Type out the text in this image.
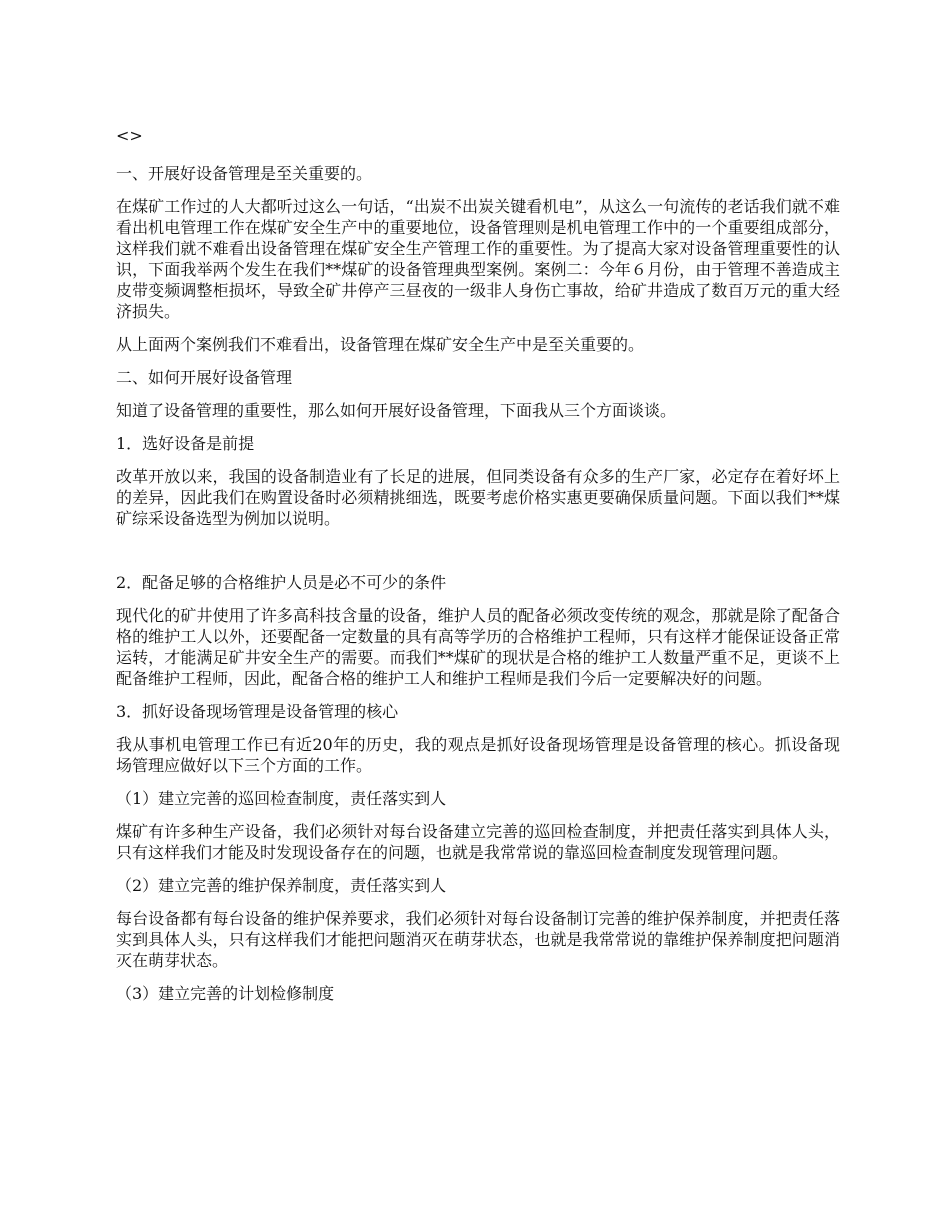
<>

一、开展好设备管理是至关重要的。

在煤矿工作过的人大都听过这么一句话，“出炭不出炭关键看机电”，从这么一句流传的老话我们就不难看出机电管理工作在煤矿安全生产中的重要地位，设备管理则是机电管理工作中的一个重要组成部分，这样我们就不难看出设备管理在煤矿安全生产管理工作的重要性。为了提高大家对设备管理重要性的认识，下面我举两个发生在我们**煤矿的设备管理典型案例。案例二：今年６月份，由于管理不善造成主皮带变频调整柜损坏，导致全矿井停产三昼夜的一级非人身伤亡事故，给矿井造成了数百万元的重大经济损失。

从上面两个案例我们不难看出，设备管理在煤矿安全生产中是至关重要的。

二、如何开展好设备管理

知道了设备管理的重要性，那么如何开展好设备管理，下面我从三个方面谈谈。

1．选好设备是前提

改革开放以来，我国的设备制造业有了长足的进展，但同类设备有众多的生产厂家，必定存在着好坏上的差异，因此我们在购置设备时必须精挑细选，既要考虑价格实惠更要确保质量问题。下面以我们**煤矿综采设备选型为例加以说明。

2．配备足够的合格维护人员是必不可少的条件

现代化的矿井使用了许多高科技含量的设备，维护人员的配备必须改变传统的观念，那就是除了配备合格的维护工人以外，还要配备一定数量的具有高等学历的合格维护工程师，只有这样才能保证设备正常运转，才能满足矿井安全生产的需要。而我们**煤矿的现状是合格的维护工人数量严重不足，更谈不上配备维护工程师，因此，配备合格的维护工人和维护工程师是我们今后一定要解决好的问题。

3．抓好设备现场管理是设备管理的核心

我从事机电管理工作已有近20年的历史，我的观点是抓好设备现场管理是设备管理的核心。抓设备现场管理应做好以下三个方面的工作。

（1）建立完善的巡回检查制度，责任落实到人

煤矿有许多种生产设备，我们必须针对每台设备建立完善的巡回检查制度，并把责任落实到具体人头，只有这样我们才能及时发现设备存在的问题，也就是我常常说的靠巡回检查制度发现管理问题。

（2）建立完善的维护保养制度，责任落实到人

每台设备都有每台设备的维护保养要求，我们必须针对每台设备制订完善的维护保养制度，并把责任落实到具体人头，只有这样我们才能把问题消灭在萌芽状态，也就是我常常说的靠维护保养制度把问题消灭在萌芽状态。

（3）建立完善的计划检修制度
